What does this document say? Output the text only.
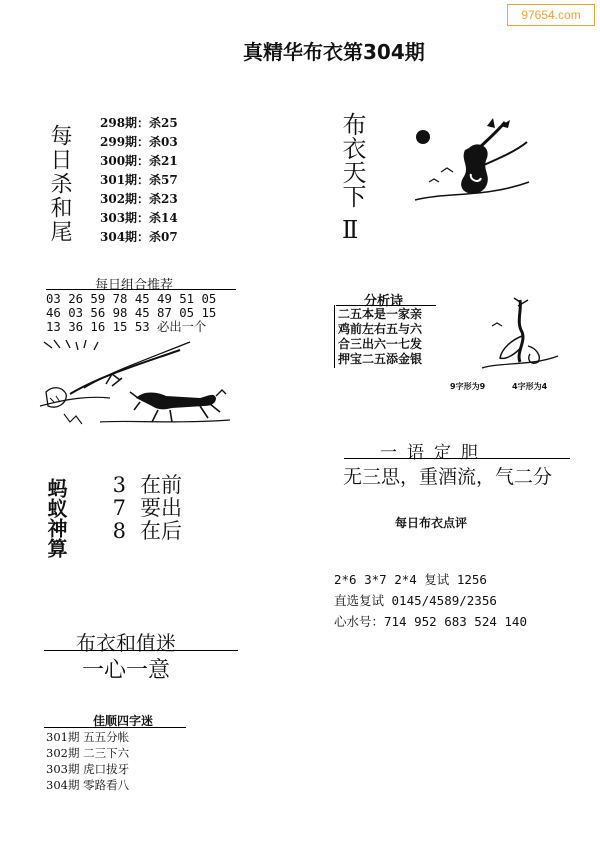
97654.com
真精华布衣第304期
每日杀和尾
298期：杀25
299期：杀03
300期：杀21
301期：杀57
302期：杀23
303期：杀14
304期：杀07
布衣天下
Ⅱ
每日组合推荐
03 26 59 78 45 49 51 05
46 03 56 98 45 87 05 15
13 36 16 15 53 必出一个
蚂蚁神算	3 在前
7 要出
8 在后
分析诗
二五本是一家亲
鸡前左右五与六
合三出六一七发
押宝二五添金银
9字形为9	4字形为4
一语定胆
无三思，重酒流，气二分
每日布衣点评
2*6 3*7 2*4 复试 1256
直选复试 0145/4589/2356
心水号：714 952 683 524 140
布衣和值迷
一心一意
佳顺四字迷
301期 五五分帐
302期 二三下六
303期 虎口拔牙
304期 零路看八
